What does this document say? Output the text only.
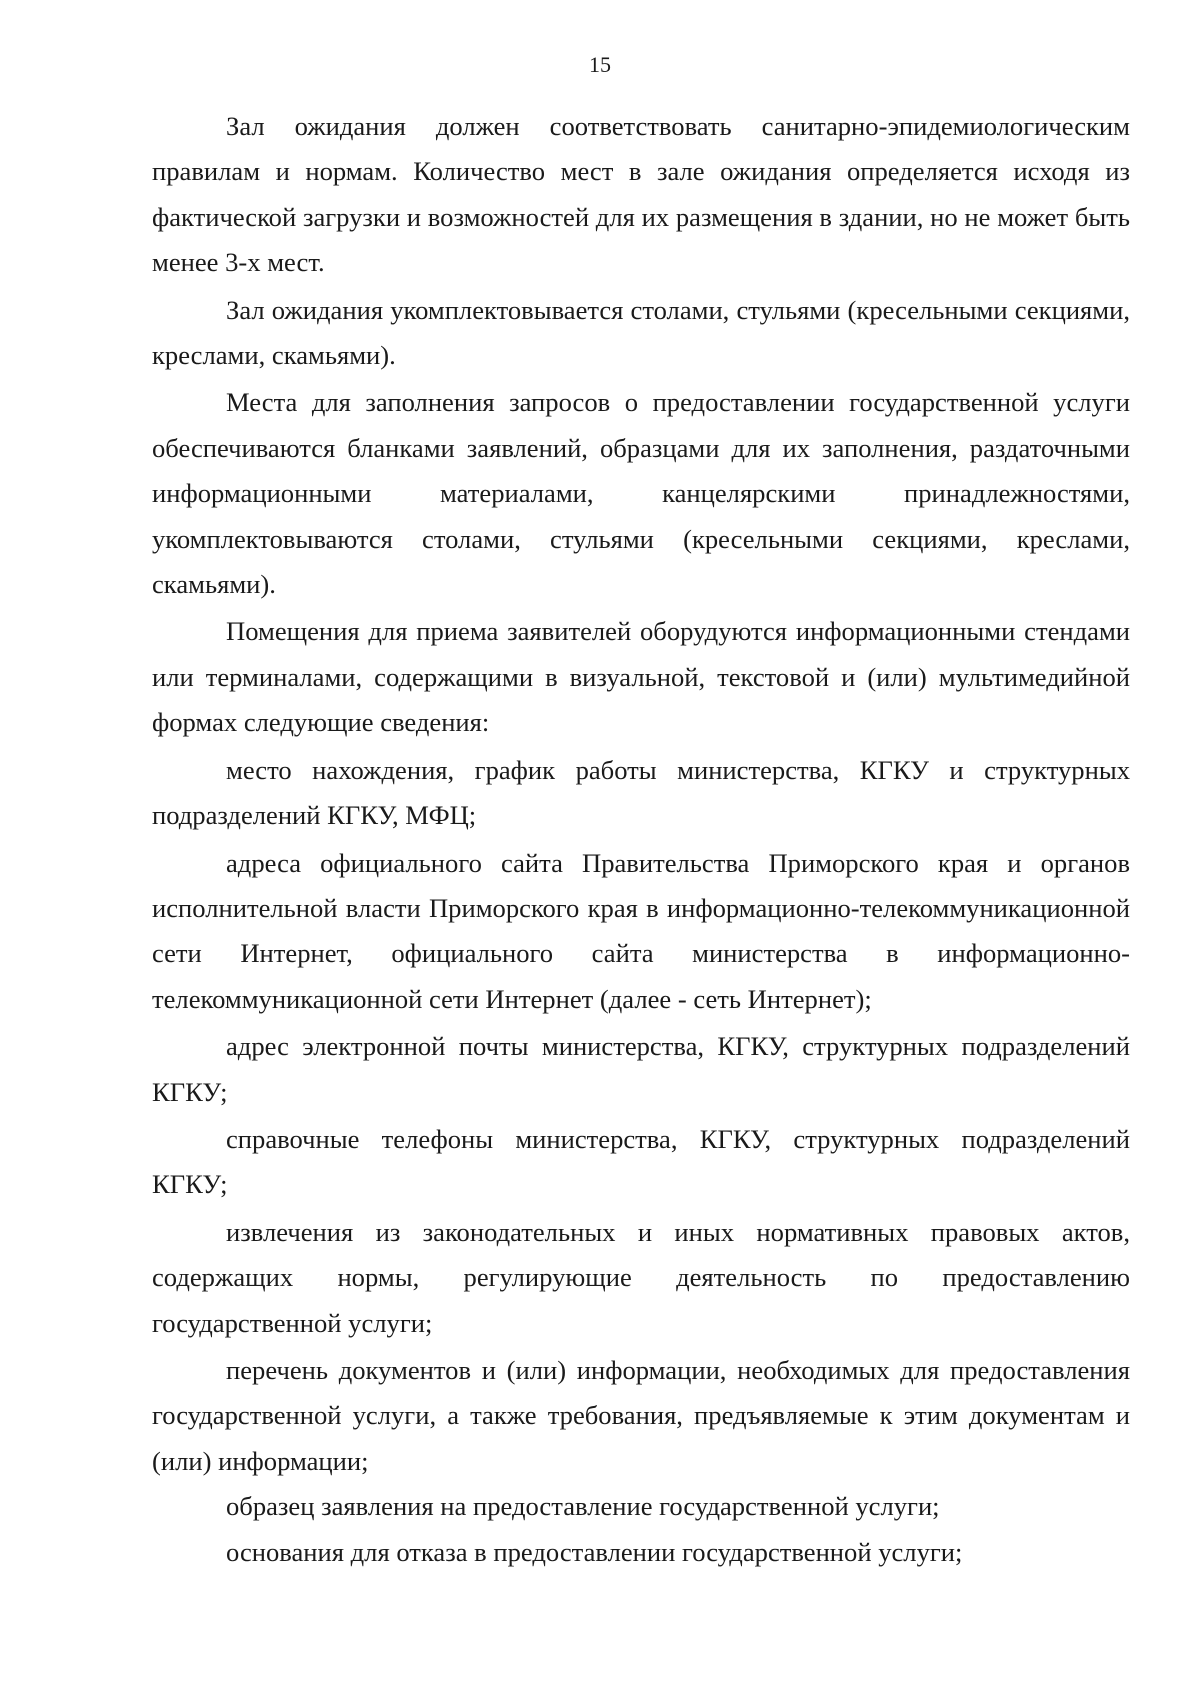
15

Зал ожидания должен соответствовать санитарно-эпидемиологическим правилам и нормам. Количество мест в зале ожидания определяется исходя из фактической загрузки и возможностей для их размещения в здании, но не может быть менее 3-х мест.

Зал ожидания укомплектовывается столами, стульями (кресельными секциями, креслами, скамьями).

Места для заполнения запросов о предоставлении государственной услуги обеспечиваются бланками заявлений, образцами для их заполнения, раздаточными информационными материалами, канцелярскими принадлежностями, укомплектовываются столами, стульями (кресельными секциями, креслами, скамьями).

Помещения для приема заявителей оборудуются информационными стендами или терминалами, содержащими в визуальной, текстовой и (или) мультимедийной формах следующие сведения:

место нахождения, график работы министерства, КГКУ и структурных подразделений КГКУ, МФЦ;

адреса официального сайта Правительства Приморского края и органов исполнительной власти Приморского края в информационно-телекоммуникационной сети Интернет, официального сайта министерства в информационно-телекоммуникационной сети Интернет (далее - сеть Интернет);

адрес электронной почты министерства, КГКУ, структурных подразделений КГКУ;

справочные телефоны министерства, КГКУ, структурных подразделений КГКУ;

извлечения из законодательных и иных нормативных правовых актов, содержащих нормы, регулирующие деятельность по предоставлению государственной услуги;

перечень документов и (или) информации, необходимых для предоставления государственной услуги, а также требования, предъявляемые к этим документам и (или) информации;

образец заявления на предоставление государственной услуги;

основания для отказа в предоставлении государственной услуги;
